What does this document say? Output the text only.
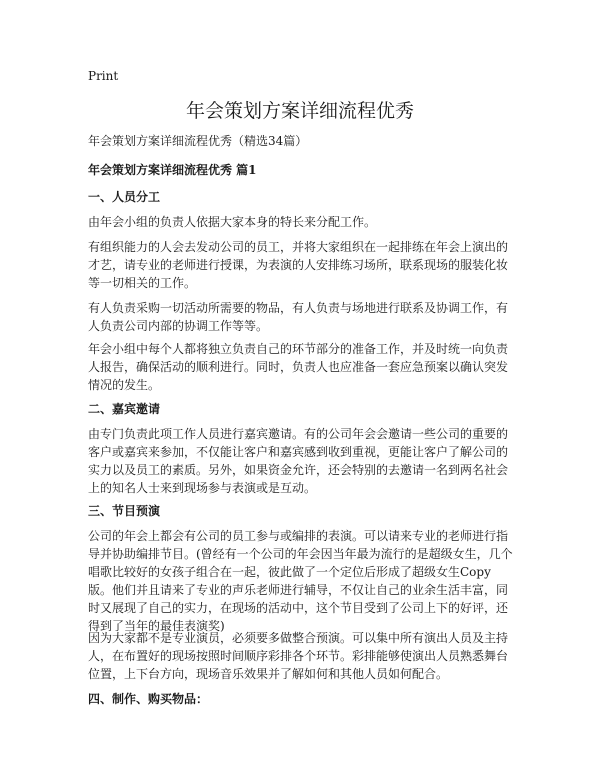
Print
年会策划方案详细流程优秀

年会策划方案详细流程优秀（精选34篇）

年会策划方案详细流程优秀 篇1

一、人员分工

由年会小组的负责人依据大家本身的特长来分配工作。

有组织能力的人会去发动公司的员工，并将大家组织在一起排练在年会上演出的才艺，请专业的老师进行授课，为表演的人安排练习场所，联系现场的服装化妆等一切相关的工作。

有人负责采购一切活动所需要的物品，有人负责与场地进行联系及协调工作，有人负责公司内部的协调工作等等。

年会小组中每个人都将独立负责自己的环节部分的准备工作，并及时统一向负责人报告，确保活动的顺利进行。同时，负责人也应准备一套应急预案以确认突发情况的发生。

二、嘉宾邀请

由专门负责此项工作人员进行嘉宾邀请。有的公司年会会邀请一些公司的重要的客户或嘉宾来参加，不仅能让客户和嘉宾感到收到重视，更能让客户了解公司的实力以及员工的素质。另外，如果资金允许，还会特别的去邀请一名到两名社会上的知名人士来到现场参与表演或是互动。

三、节目预演

公司的年会上都会有公司的员工参与或编排的表演。可以请来专业的老师进行指导并协助编排节目。(曾经有一个公司的年会因当年最为流行的是超级女生，几个唱歌比较好的女孩子组合在一起，彼此做了一个定位后形成了超级女生Copy版。他们并且请来了专业的声乐老师进行辅导，不仅让自己的业余生活丰富，同时又展现了自己的实力，在现场的活动中，这个节目受到了公司上下的好评，还得到了当年的最佳表演奖)

因为大家都不是专业演员，必须要多做整合预演。可以集中所有演出人员及主持人，在布置好的现场按照时间顺序彩排各个环节。彩排能够使演出人员熟悉舞台位置，上下台方向，现场音乐效果并了解如何和其他人员如何配合。

四、制作、购买物品：
